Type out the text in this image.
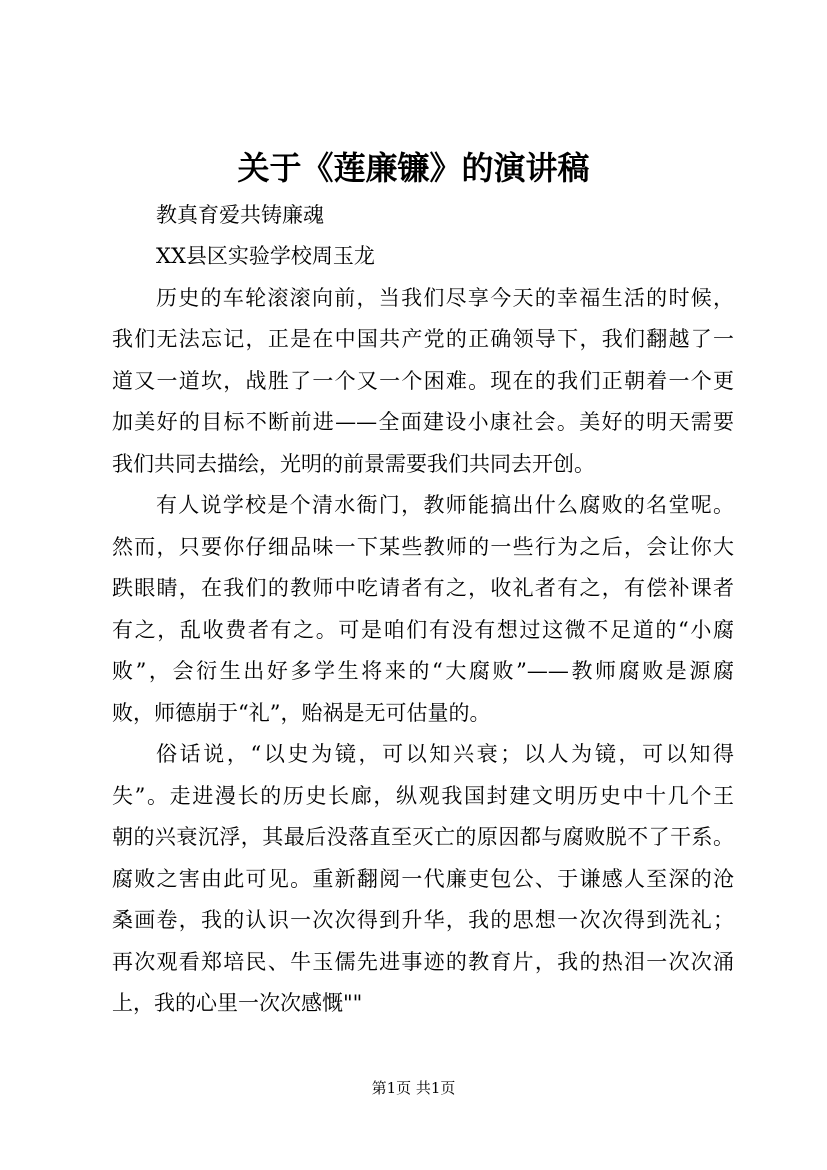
关于《莲廉镰》的演讲稿
教真育爱共铸廉魂
XX县区实验学校周玉龙
历史的车轮滚滚向前，当我们尽享今天的幸福生活的时候，
我们无法忘记，正是在中国共产党的正确领导下，我们翻越了一
道又一道坎，战胜了一个又一个困难。现在的我们正朝着一个更
加美好的目标不断前进——全面建设小康社会。美好的明天需要
我们共同去描绘，光明的前景需要我们共同去开创。
有人说学校是个清水衙门，教师能搞出什么腐败的名堂呢。
然而，只要你仔细品味一下某些教师的一些行为之后，会让你大
跌眼睛，在我们的教师中吃请者有之，收礼者有之，有偿补课者
有之，乱收费者有之。可是咱们有没有想过这微不足道的“小腐
败”，会衍生出好多学生将来的“大腐败”——教师腐败是源腐
败，师德崩于“礼”，贻祸是无可估量的。
俗话说，“以史为镜，可以知兴衰；以人为镜，可以知得
失”。走进漫长的历史长廊，纵观我国封建文明历史中十几个王
朝的兴衰沉浮，其最后没落直至灭亡的原因都与腐败脱不了干系。
腐败之害由此可见。重新翻阅一代廉吏包公、于谦感人至深的沧
桑画卷，我的认识一次次得到升华，我的思想一次次得到洗礼；
再次观看郑培民、牛玉儒先进事迹的教育片，我的热泪一次次涌
上，我的心里一次次感慨""
第1页 共1页
